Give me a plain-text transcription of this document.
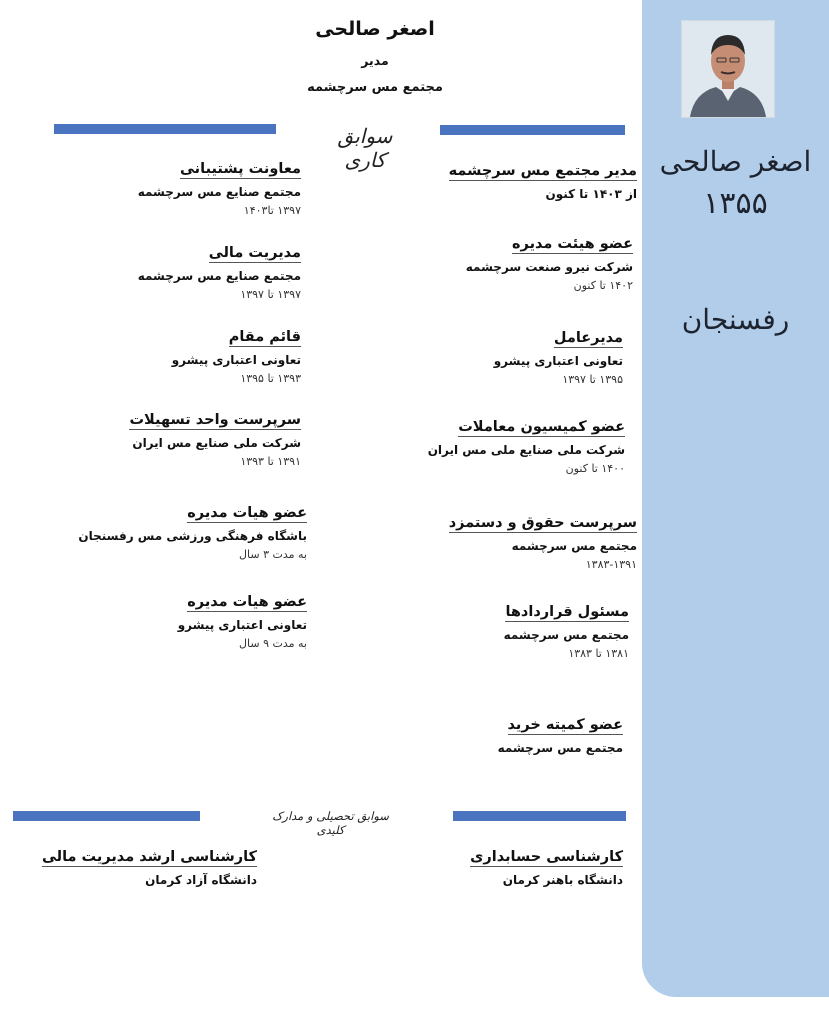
اصغر صالحی
۱۳۵۵
رفسنجان
اصغر صالحی
مدیر
مجتمع مس سرچشمه
سوابق کاری	مدیر مجتمع مس سرچشمه
از ۱۴۰۳ تا کنون
عضو هیئت مدیره
شرکت نیرو صنعت سرچشمه
۱۴۰۲ تا کنون
مدیرعامل
تعاونی اعتباری پیشرو
۱۳۹۵ تا ۱۳۹۷
عضو کمیسیون معاملات
شرکت ملی صنایع ملی مس ایران
۱۴۰۰ تا کنون
سرپرست حقوق و دستمزد
مجتمع مس سرچشمه
۱۳۸۳-۱۳۹۱
مسئول قراردادها
مجتمع مس سرچشمه
۱۳۸۱ تا ۱۳۸۳
عضو کمیته خرید
مجتمع مس سرچشمه
معاونت پشتیبانی
مجتمع صنایع مس سرچشمه
۱۳۹۷ تا۱۴۰۳
مدیریت مالی
مجتمع صنایع مس سرچشمه
۱۳۹۷ تا ۱۳۹۷
قائم مقام
تعاونی اعتباری پیشرو
۱۳۹۳ تا ۱۳۹۵
سرپرست واحد تسهیلات
شرکت ملی صنایع مس ایران
۱۳۹۱ تا ۱۳۹۳
عضو هیات مدیره
باشگاه فرهنگی ورزشی مس رفسنجان
به مدت ۳ سال
عضو هیات مدیره
تعاونی اعتباری پیشرو
به مدت ۹ سال
سوابق تحصیلی و مدارک کلیدی
کارشناسی حسابداری
دانشگاه باهنر کرمان
کارشناسی ارشد مدیریت مالی
دانشگاه آزاد کرمان
